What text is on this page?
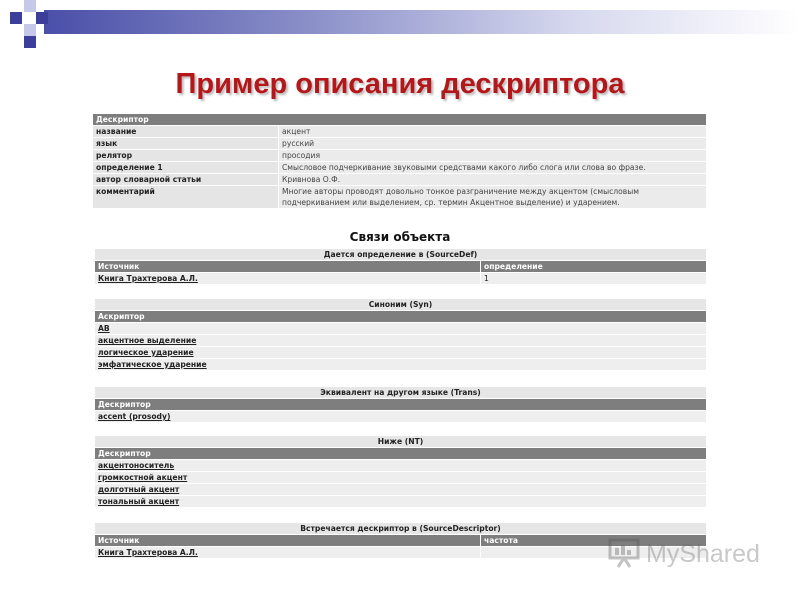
Пример описания дескриптора
Дескриптор
название	акцент
язык	русский
релятор	просодия
определение 1	Смысловое подчеркивание звуковыми средствами какого либо слога или слова во фразе.
автор словарной статьи	Кривнова О.Ф.
комментарий	Многие авторы проводят довольно тонкое разграничение между акцентом (смысловым подчеркиванием или выделением, ср. термин Акцентное выделение) и ударением.
Связи объекта
Дается определение в (SourceDef)
Источник	определение
Книга Трахтерова А.Л.	1
Синоним (Syn)
Аскриптор
АВ
акцентное выделение
логическое ударение
эмфатическое ударение
Эквивалент на другом языке (Trans)
Дескриптор
accent (prosody)
Ниже (NT)
Дескриптор
акцентоноситель
громкостной акцент
долготный акцент
тональный акцент
Встречается дескриптор в (SourceDescriptor)
Источник	частота
Книга Трахтерова А.Л.	MyShared
